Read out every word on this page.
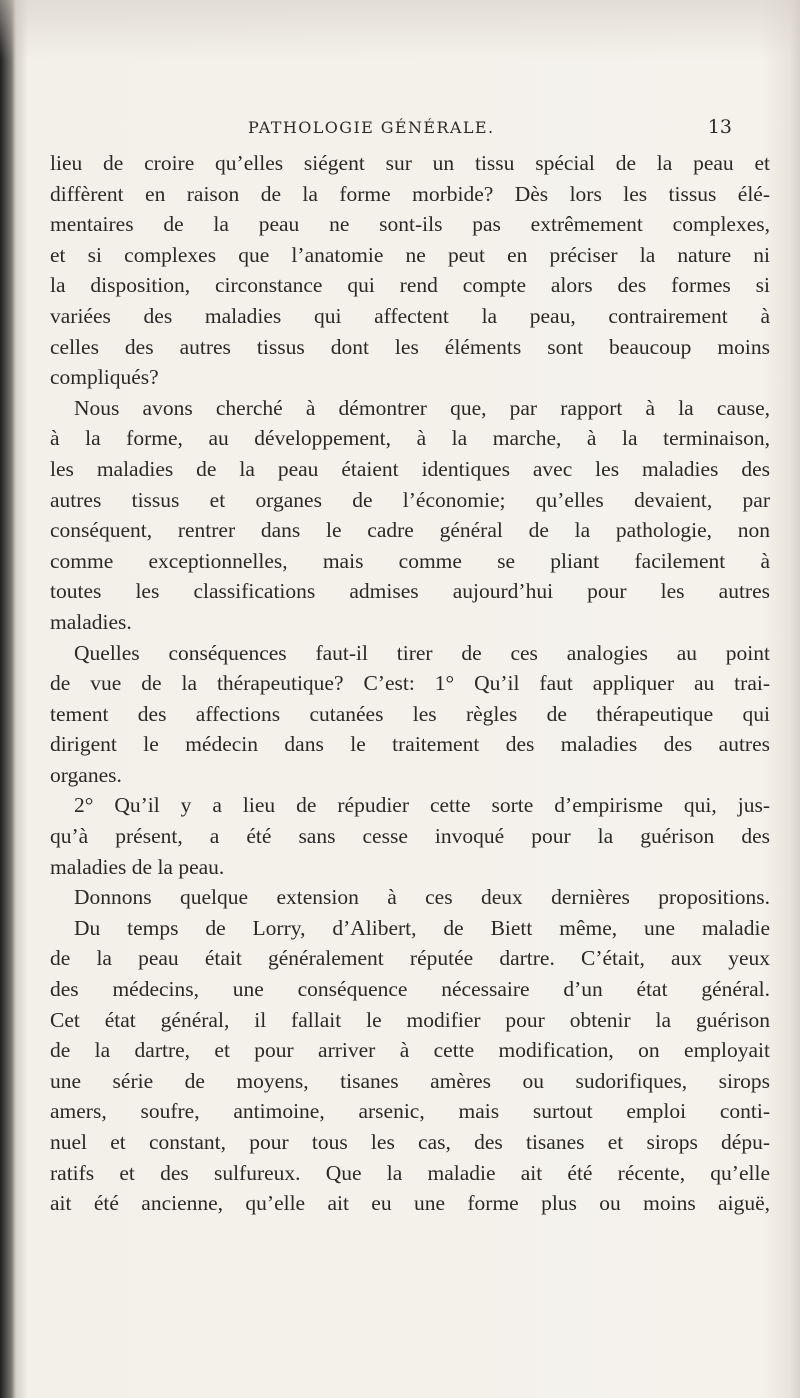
PATHOLOGIE GÉNÉRALE.	13
lieu de croire qu’elles siégent sur un tissu spécial de la peau et
diffèrent en raison de la forme morbide? Dès lors les tissus élé-
mentaires de la peau ne sont-ils pas extrêmement complexes,
et si complexes que l’anatomie ne peut en préciser la nature ni
la disposition, circonstance qui rend compte alors des formes si
variées des maladies qui affectent la peau, contrairement à
celles des autres tissus dont les éléments sont beaucoup moins
compliqués?
Nous avons cherché à démontrer que, par rapport à la cause,
à la forme, au développement, à la marche, à la terminaison,
les maladies de la peau étaient identiques avec les maladies des
autres tissus et organes de l’économie; qu’elles devaient, par
conséquent, rentrer dans le cadre général de la pathologie, non
comme exceptionnelles, mais comme se pliant facilement à
toutes les classifications admises aujourd’hui pour les autres
maladies.
Quelles conséquences faut-il tirer de ces analogies au point
de vue de la thérapeutique? C’est: 1° Qu’il faut appliquer au trai-
tement des affections cutanées les règles de thérapeutique qui
dirigent le médecin dans le traitement des maladies des autres
organes.
2° Qu’il y a lieu de répudier cette sorte d’empirisme qui, jus-
qu’à présent, a été sans cesse invoqué pour la guérison des
maladies de la peau.
Donnons quelque extension à ces deux dernières propositions.
Du temps de Lorry, d’Alibert, de Biett même, une maladie
de la peau était généralement réputée dartre. C’était, aux yeux
des médecins, une conséquence nécessaire d’un état général.
Cet état général, il fallait le modifier pour obtenir la guérison
de la dartre, et pour arriver à cette modification, on employait
une série de moyens, tisanes amères ou sudorifiques, sirops
amers, soufre, antimoine, arsenic, mais surtout emploi conti-
nuel et constant, pour tous les cas, des tisanes et sirops dépu-
ratifs et des sulfureux. Que la maladie ait été récente, qu’elle
ait été ancienne, qu’elle ait eu une forme plus ou moins aiguë,
